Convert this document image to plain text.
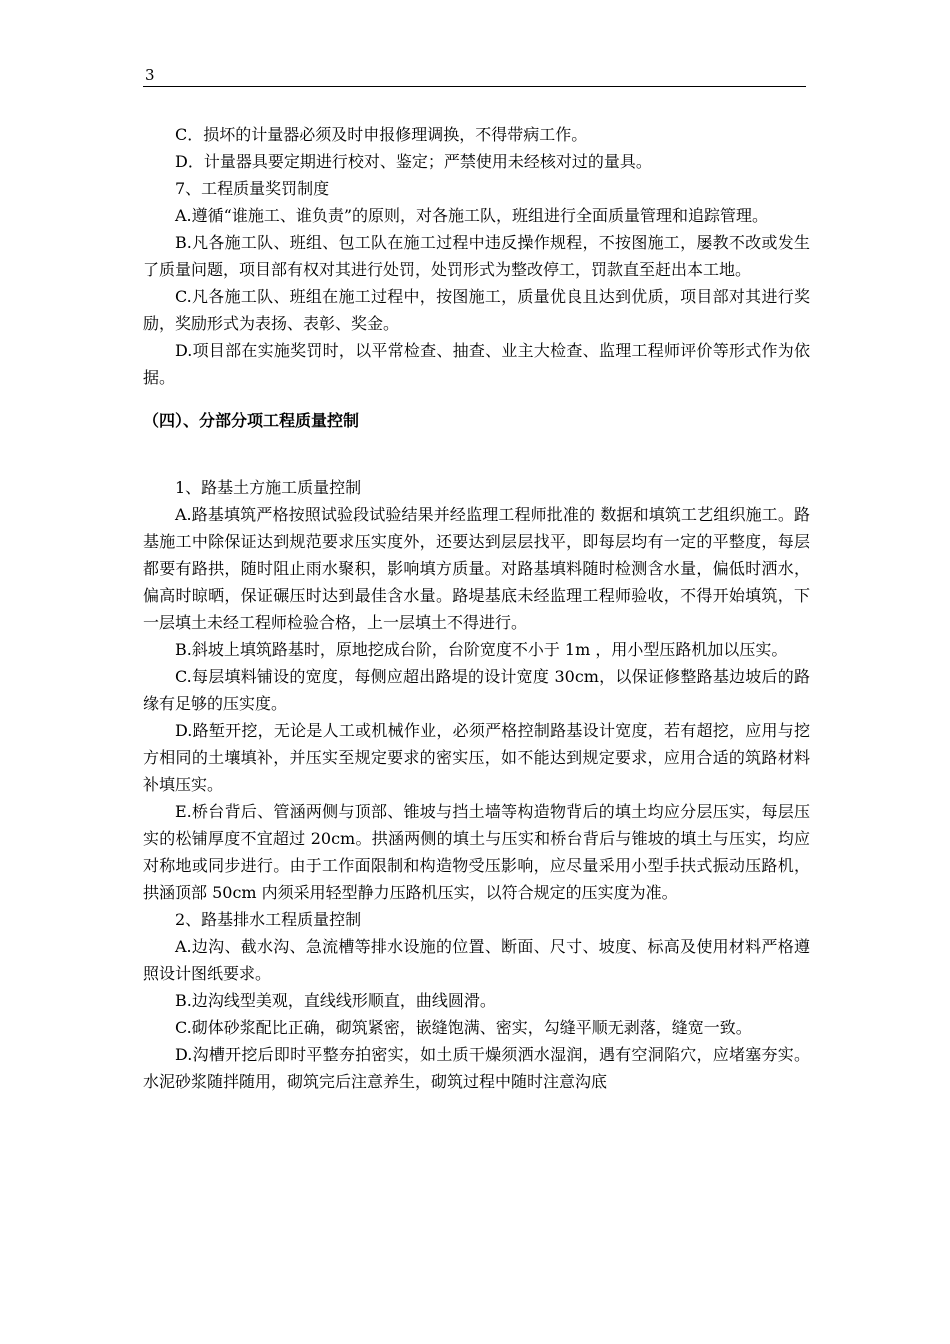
3

C．损坏的计量器必须及时申报修理调换，不得带病工作。

D．计量器具要定期进行校对、鉴定；严禁使用未经核对过的量具。

7、工程质量奖罚制度

A.遵循“谁施工、谁负责”的原则，对各施工队，班组进行全面质量管理和追踪管理。

B.凡各施工队、班组、包工队在施工过程中违反操作规程，不按图施工，屡教不改或发生了质量问题，项目部有权对其进行处罚，处罚形式为整改停工，罚款直至赶出本工地。

C.凡各施工队、班组在施工过程中，按图施工，质量优良且达到优质，项目部对其进行奖励，奖励形式为表扬、表彰、奖金。

D.项目部在实施奖罚时，以平常检查、抽查、业主大检查、监理工程师评价等形式作为依据。

（四）、分部分项工程质量控制

1、路基土方施工质量控制

A.路基填筑严格按照试验段试验结果并经监理工程师批准的 数据和填筑工艺组织施工。路基施工中除保证达到规范要求压实度外，还要达到层层找平，即每层均有一定的平整度，每层都要有路拱，随时阻止雨水聚积，影响填方质量。对路基填料随时检测含水量，偏低时洒水，偏高时晾晒，保证碾压时达到最佳含水量。路堤基底未经监理工程师验收，不得开始填筑，下一层填土未经工程师检验合格，上一层填土不得进行。

B.斜坡上填筑路基时，原地挖成台阶，台阶宽度不小于 1m ，用小型压路机加以压实。

C.每层填料铺设的宽度，每侧应超出路堤的设计宽度 30cm，以保证修整路基边坡后的路缘有足够的压实度。

D.路堑开挖，无论是人工或机械作业，必须严格控制路基设计宽度，若有超挖，应用与挖方相同的土壤填补，并压实至规定要求的密实压，如不能达到规定要求，应用合适的筑路材料补填压实。

E.桥台背后、管涵两侧与顶部、锥坡与挡土墙等构造物背后的填土均应分层压实，每层压实的松铺厚度不宜超过 20cm。拱涵两侧的填土与压实和桥台背后与锥坡的填土与压实，均应对称地或同步进行。由于工作面限制和构造物受压影响，应尽量采用小型手扶式振动压路机，拱涵顶部 50cm 内须采用轻型静力压路机压实，以符合规定的压实度为准。

2、路基排水工程质量控制

A.边沟、截水沟、急流槽等排水设施的位置、断面、尺寸、坡度、标高及使用材料严格遵照设计图纸要求。

B.边沟线型美观，直线线形顺直，曲线圆滑。

C.砌体砂浆配比正确，砌筑紧密，嵌缝饱满、密实，勾缝平顺无剥落，缝宽一致。

D.沟槽开挖后即时平整夯拍密实，如土质干燥须洒水湿润，遇有空洞陷穴，应堵塞夯实。水泥砂浆随拌随用，砌筑完后注意养生，砌筑过程中随时注意沟底
